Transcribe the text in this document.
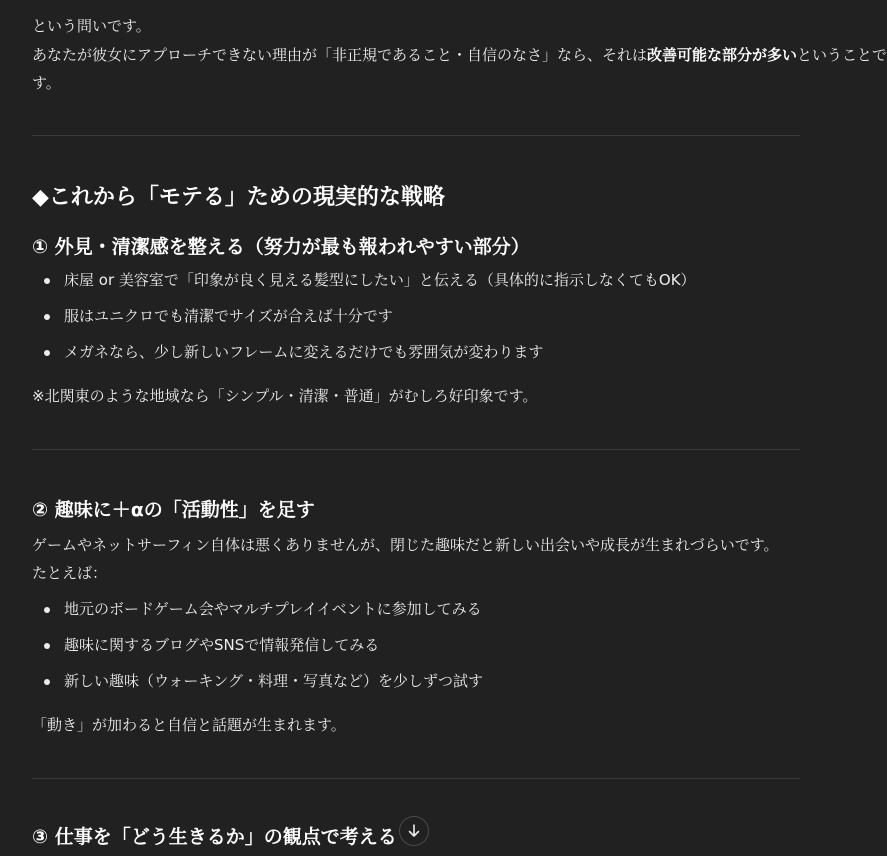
という問いです。
あなたが彼女にアプローチできない理由が「非正規であること・自信のなさ」なら、それは改善可能な部分が多いということで
す。
◆これから「モテる」ための現実的な戦略
① 外見・清潔感を整える（努力が最も報われやすい部分）
床屋 or 美容室で「印象が良く見える髪型にしたい」と伝える（具体的に指示しなくてもOK）
服はユニクロでも清潔でサイズが合えば十分です
メガネなら、少し新しいフレームに変えるだけでも雰囲気が変わります
※北関東のような地域なら「シンプル・清潔・普通」がむしろ好印象です。
② 趣味に＋αの「活動性」を足す
ゲームやネットサーフィン自体は悪くありませんが、閉じた趣味だと新しい出会いや成長が生まれづらいです。
たとえば：
地元のボードゲーム会やマルチプレイイベントに参加してみる
趣味に関するブログやSNSで情報発信してみる
新しい趣味（ウォーキング・料理・写真など）を少しずつ試す
「動き」が加わると自信と話題が生まれます。
③ 仕事を「どう生きるか」の観点で考える
